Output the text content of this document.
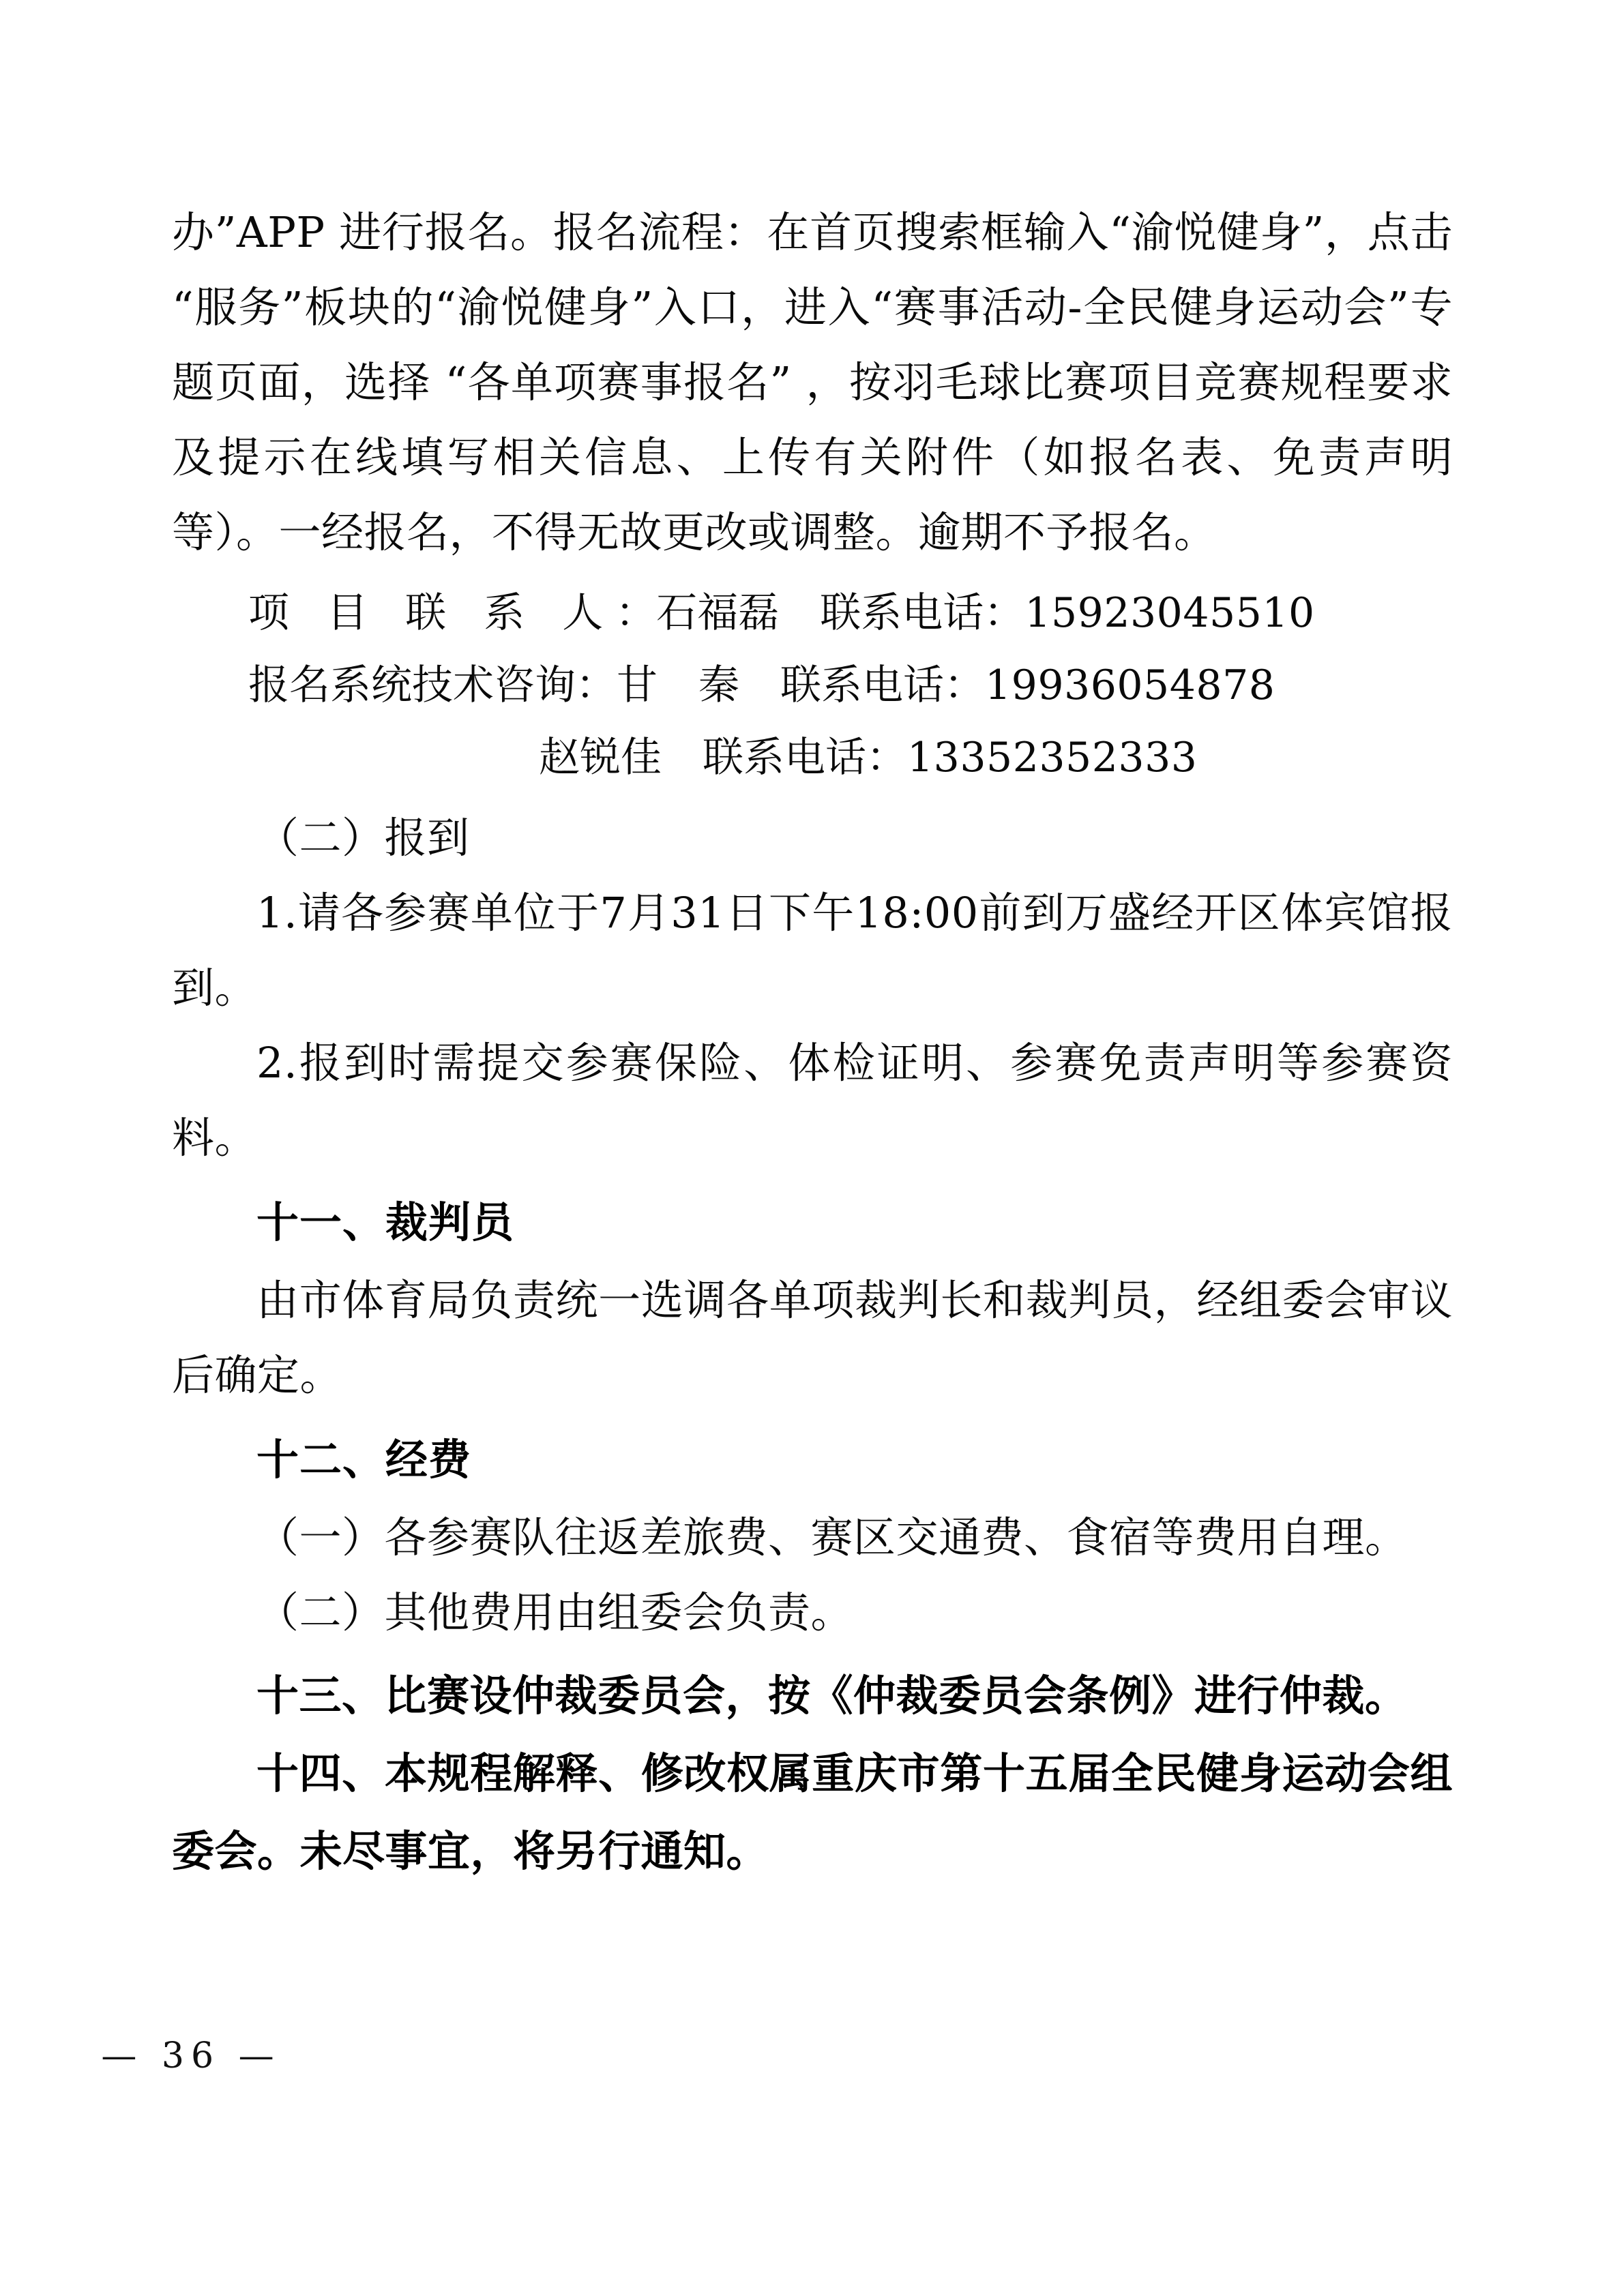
办”APP 进行报名。报名流程：在首页搜索框输入“渝悦健身”，点击“服务”板块的“渝悦健身”入口，进入“赛事活动-全民健身运动会”专题页面，选择 “各单项赛事报名” ，按羽毛球比赛项目竞赛规程要求及提示在线填写相关信息、上传有关附件（如报名表、免责声明等）。一经报名，不得无故更改或调整。逾期不予报名。

项 目 联 系 人：石福磊　 联系电话：15923045510

报名系统技术咨询：甘　秦　 联系电话：19936054878

赵锐佳　 联系电话：13352352333

（二）报到

1.请各参赛单位于7月31日下午18:00前到万盛经开区体宾馆报到。

2.报到时需提交参赛保险、体检证明、参赛免责声明等参赛资料。

十一、裁判员

由市体育局负责统一选调各单项裁判长和裁判员，经组委会审议后确定。

十二、经费

（一）各参赛队往返差旅费、赛区交通费、食宿等费用自理。

（二）其他费用由组委会负责。

十三、比赛设仲裁委员会，按《仲裁委员会条例》进行仲裁。

十四、本规程解释、修改权属重庆市第十五届全民健身运动会组委会。未尽事宜，将另行通知。

— 36 —
